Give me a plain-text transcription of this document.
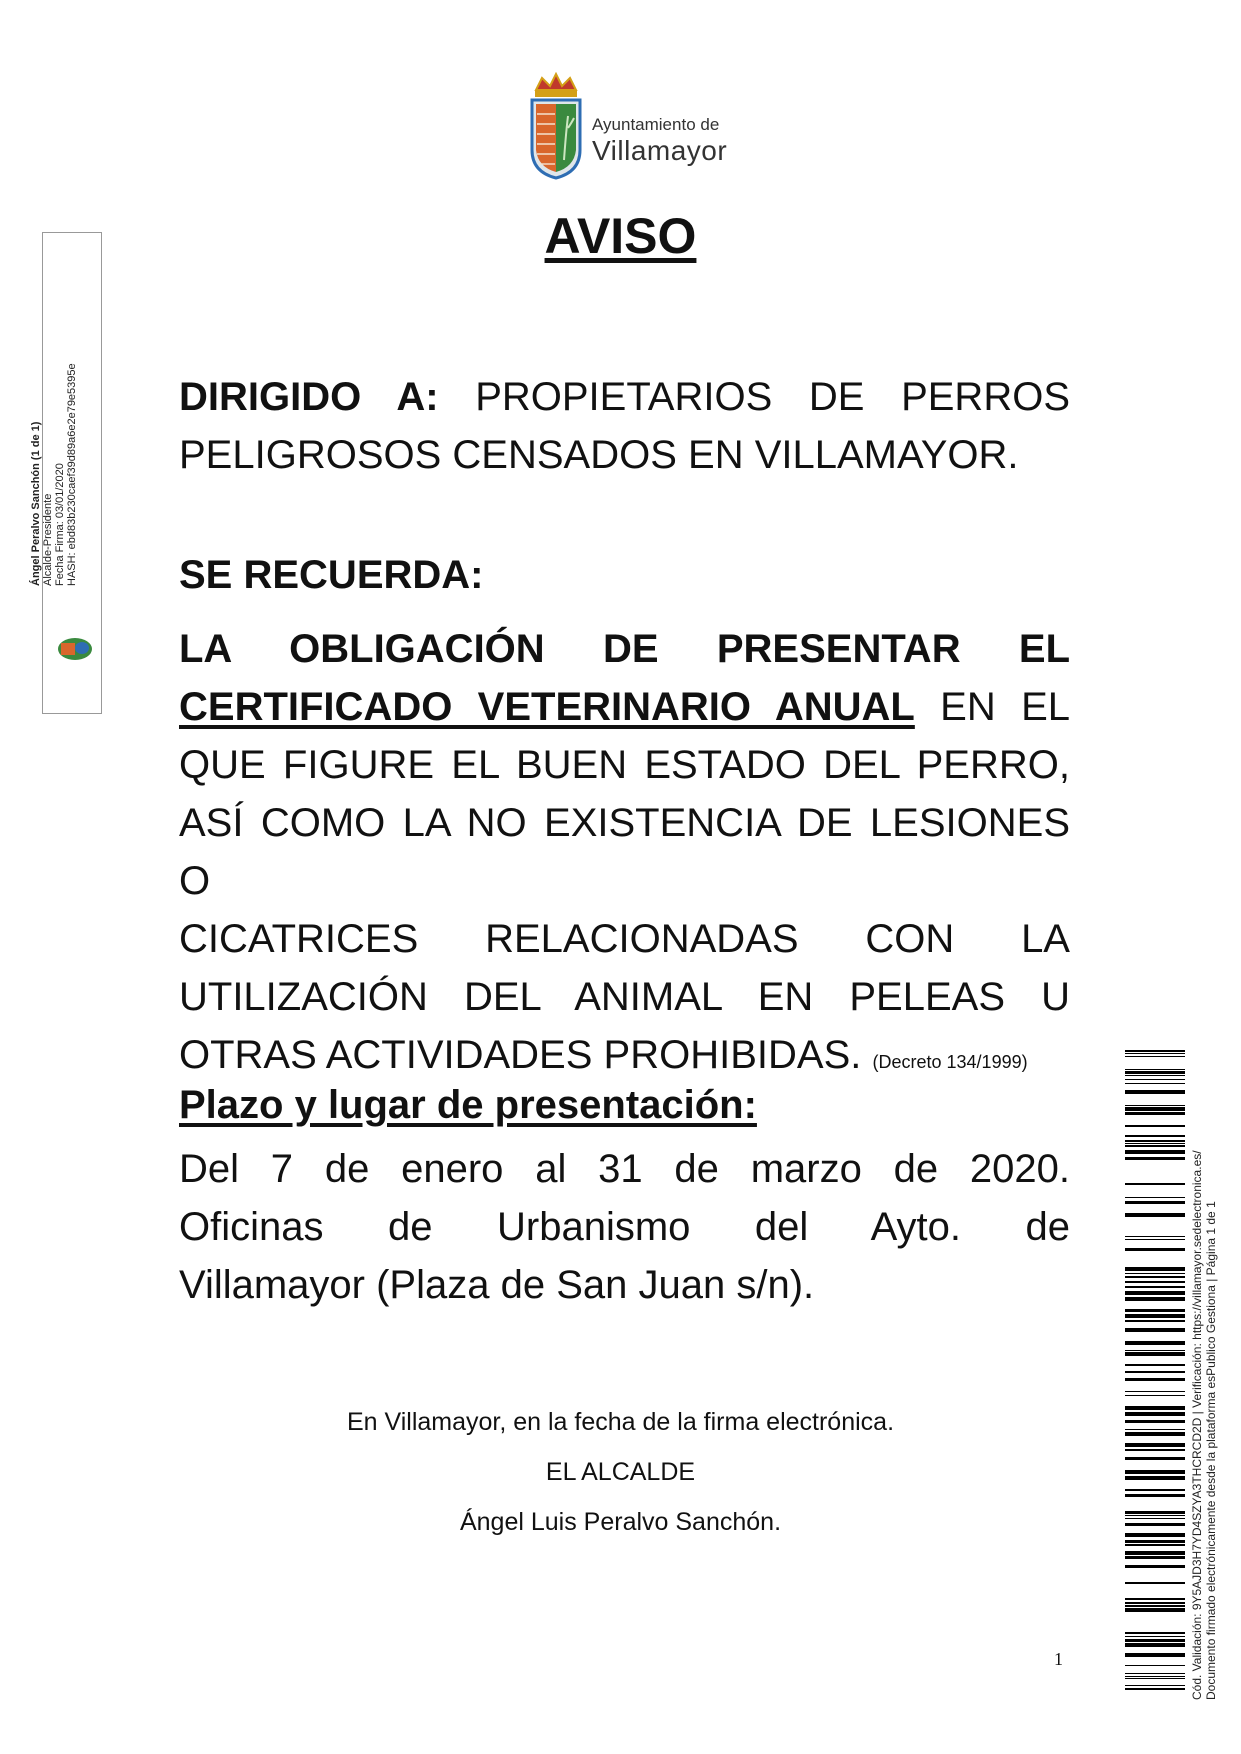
Ayuntamiento de
Villamayor
AVISO
DIRIGIDO A: PROPIETARIOS DE PERROS
PELIGROSOS CENSADOS EN VILLAMAYOR.
SE RECUERDA:
LA OBLIGACIÓN DE PRESENTAR EL
CERTIFICADO VETERINARIO ANUAL EN EL
QUE FIGURE EL BUEN ESTADO DEL PERRO,
ASÍ COMO LA NO EXISTENCIA DE LESIONES O
CICATRICES RELACIONADAS CON LA
UTILIZACIÓN DEL ANIMAL EN PELEAS U
OTRAS ACTIVIDADES PROHIBIDAS. (Decreto 134/1999)
Plazo y lugar de presentación:
Del 7 de enero al 31 de marzo de 2020.
Oficinas de Urbanismo del Ayto. de
Villamayor (Plaza de San Juan s/n).
En Villamayor, en la fecha de la firma electrónica.
EL ALCALDE
Ángel Luis Peralvo Sanchón.
1
Ángel Peralvo Sanchón (1 de 1) Alcalde-Presidente Fecha Firma: 03/01/2020 HASH: ebd83b230caef39d89a6e2e79e5395e
Cód. Validación: 9Y5AJD3H7YD4SZYA3THCRCD2D | Verificación: https://villamayor.sedelectronica.es/ Documento firmado electrónicamente desde la plataforma esPublico Gestiona | Página 1 de 1
